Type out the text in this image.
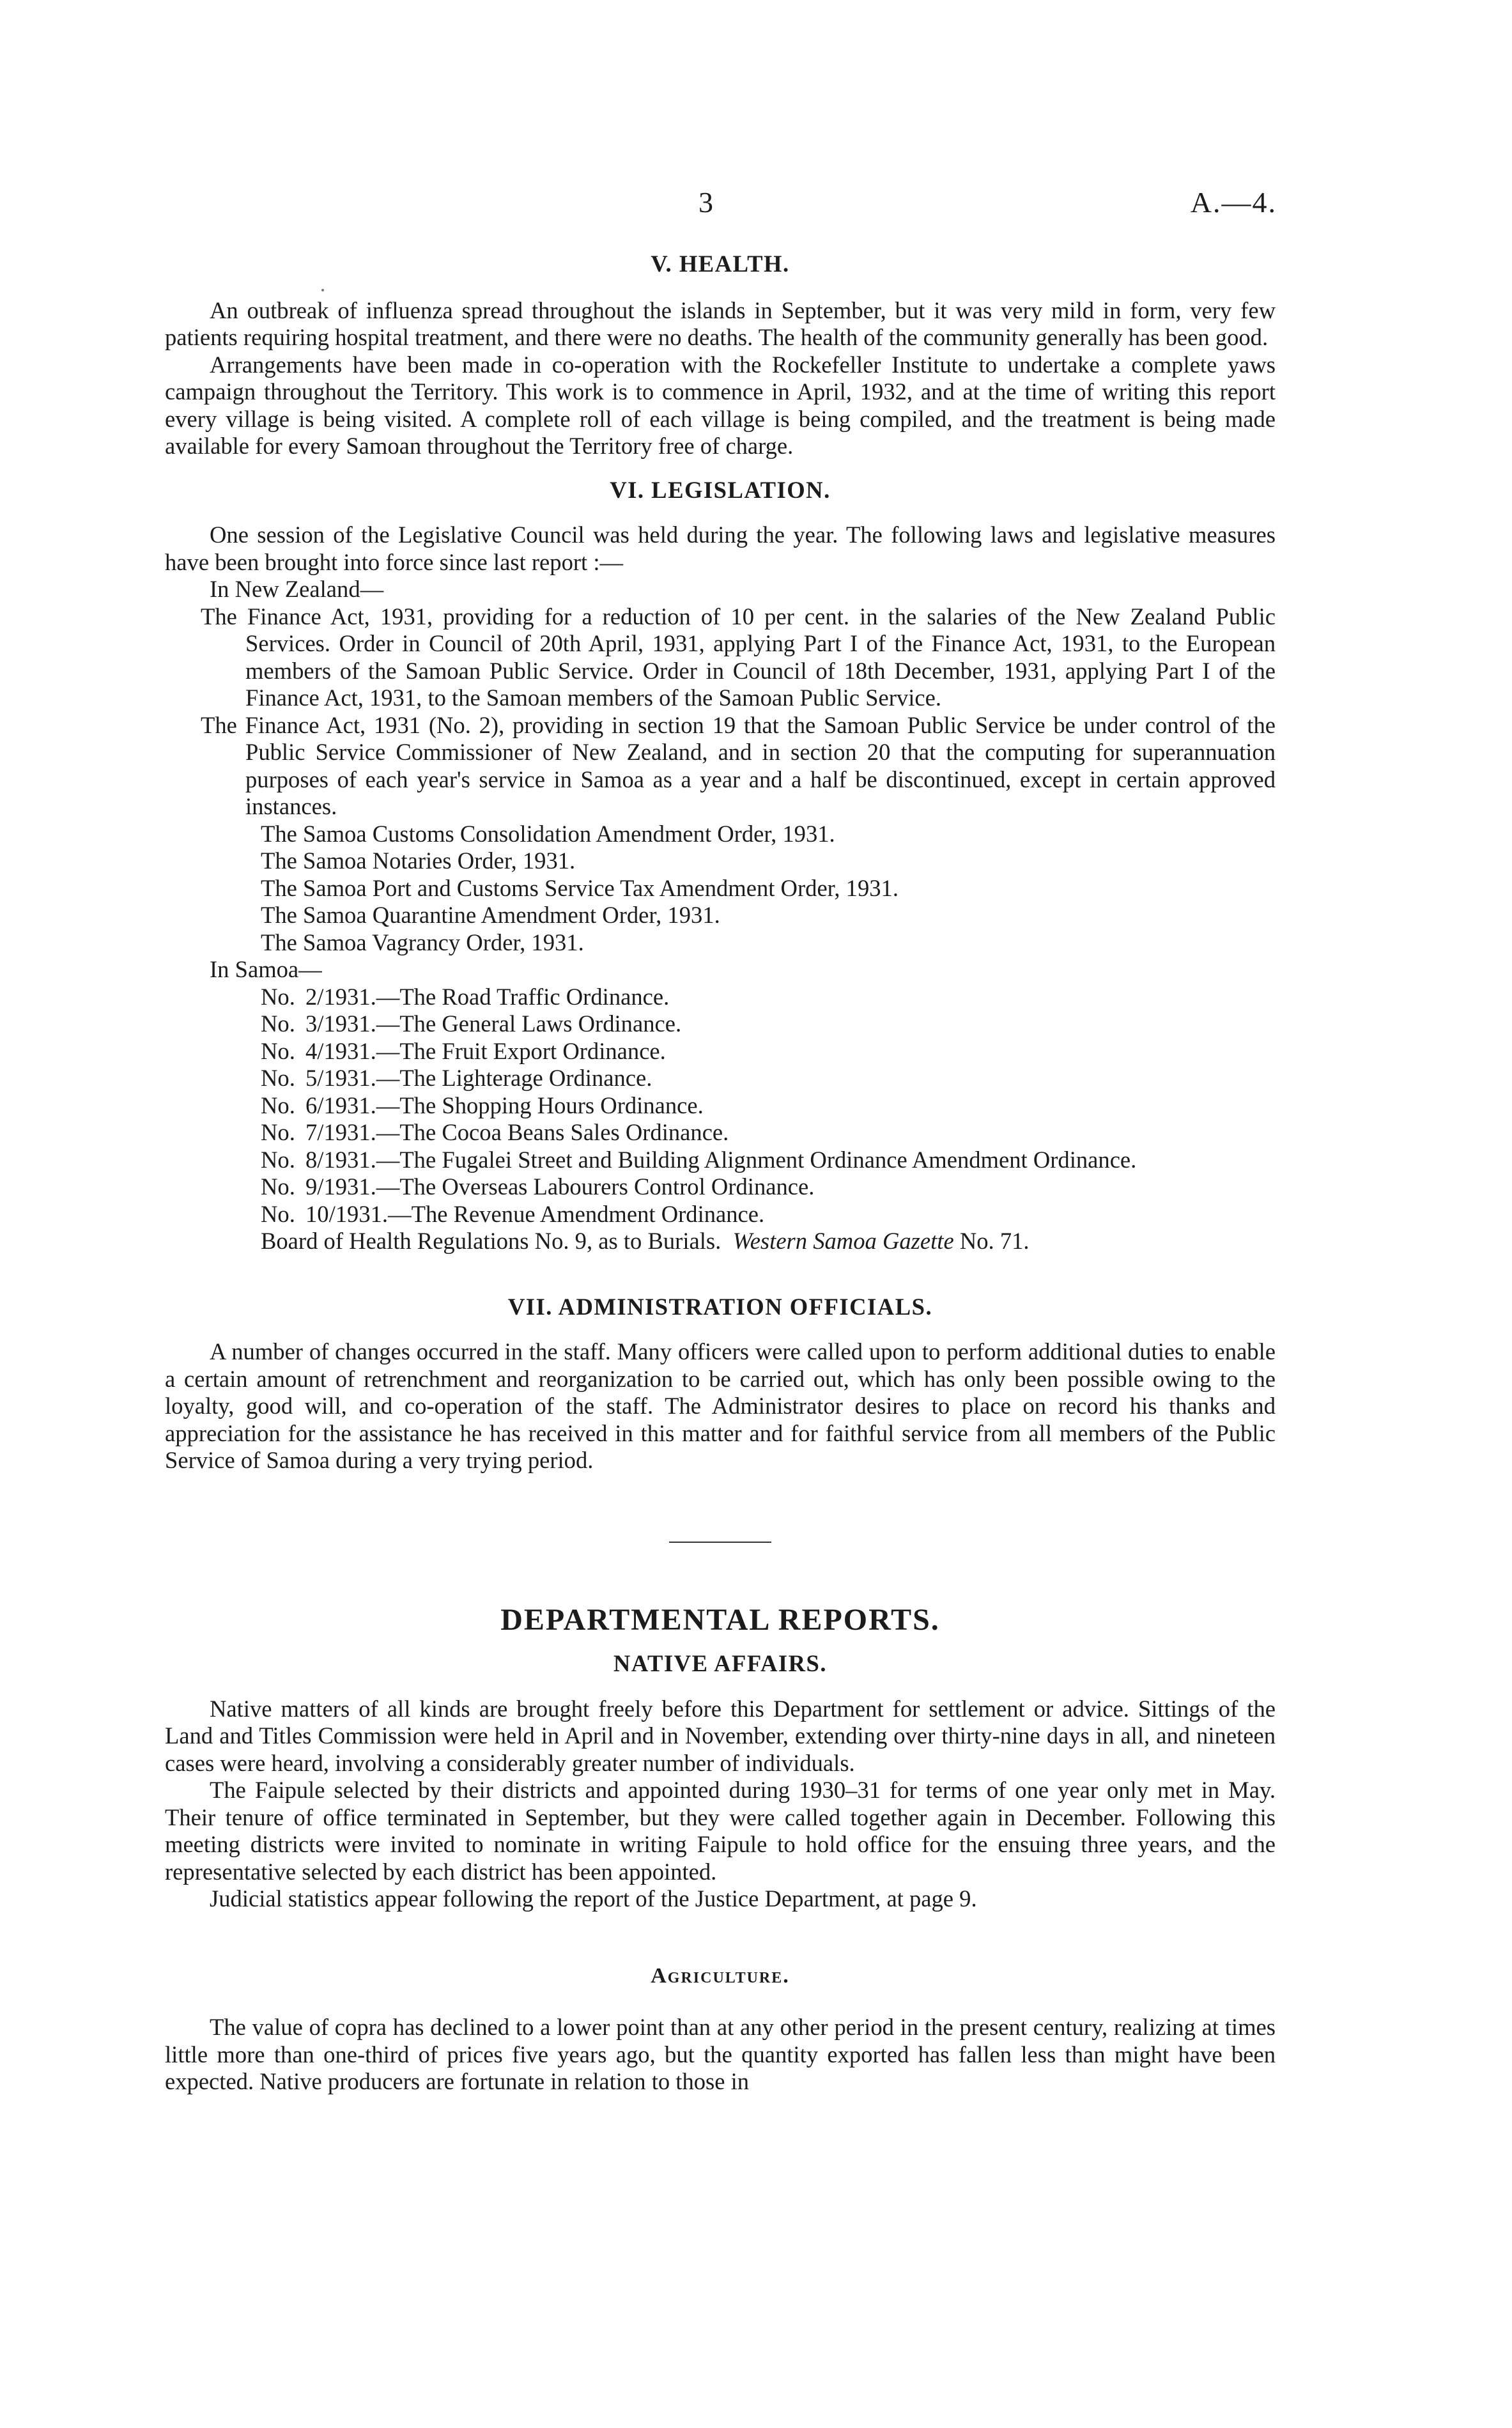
3	A.—4.
V. HEALTH.

An outbreak of influenza spread throughout the islands in September, but it was very mild in form, very few patients requiring hospital treatment, and there were no deaths. The health of the community generally has been good.

Arrangements have been made in co-operation with the Rockefeller Institute to undertake a complete yaws campaign throughout the Territory. This work is to commence in April, 1932, and at the time of writing this report every village is being visited. A complete roll of each village is being compiled, and the treatment is being made available for every Samoan throughout the Territory free of charge.

VI. LEGISLATION.

One session of the Legislative Council was held during the year. The following laws and legislative measures have been brought into force since last report :—

In New Zealand—
The Finance Act, 1931, providing for a reduction of 10 per cent. in the salaries of the New Zealand Public Services. Order in Council of 20th April, 1931, applying Part I of the Finance Act, 1931, to the European members of the Samoan Public Service. Order in Council of 18th December, 1931, applying Part I of the Finance Act, 1931, to the Samoan members of the Samoan Public Service.
The Finance Act, 1931 (No. 2), providing in section 19 that the Samoan Public Service be under control of the Public Service Commissioner of New Zealand, and in section 20 that the computing for superannuation purposes of each year's service in Samoa as a year and a half be discontinued, except in certain approved instances.
The Samoa Customs Consolidation Amendment Order, 1931.
The Samoa Notaries Order, 1931.
The Samoa Port and Customs Service Tax Amendment Order, 1931.
The Samoa Quarantine Amendment Order, 1931.
The Samoa Vagrancy Order, 1931.
In Samoa—
No. 2/1931.—The Road Traffic Ordinance.
No. 3/1931.—The General Laws Ordinance.
No. 4/1931.—The Fruit Export Ordinance.
No. 5/1931.—The Lighterage Ordinance.
No. 6/1931.—The Shopping Hours Ordinance.
No. 7/1931.—The Cocoa Beans Sales Ordinance.
No. 8/1931.—The Fugalei Street and Building Alignment Ordinance Amendment Ordinance.
No. 9/1931.—The Overseas Labourers Control Ordinance.
No. 10/1931.—The Revenue Amendment Ordinance.
Board of Health Regulations No. 9, as to Burials. Western Samoa Gazette No. 71.
VII. ADMINISTRATION OFFICIALS.

A number of changes occurred in the staff. Many officers were called upon to perform additional duties to enable a certain amount of retrenchment and reorganization to be carried out, which has only been possible owing to the loyalty, good will, and co-operation of the staff. The Administrator desires to place on record his thanks and appreciation for the assistance he has received in this matter and for faithful service from all members of the Public Service of Samoa during a very trying period.

DEPARTMENTAL REPORTS.
NATIVE AFFAIRS.

Native matters of all kinds are brought freely before this Department for settlement or advice. Sittings of the Land and Titles Commission were held in April and in November, extending over thirty-nine days in all, and nineteen cases were heard, involving a considerably greater number of individuals.

The Faipule selected by their districts and appointed during 1930–31 for terms of one year only met in May. Their tenure of office terminated in September, but they were called together again in December. Following this meeting districts were invited to nominate in writing Faipule to hold office for the ensuing three years, and the representative selected by each district has been appointed.

Judicial statistics appear following the report of the Justice Department, at page 9.

Agriculture.

The value of copra has declined to a lower point than at any other period in the present century, realizing at times little more than one-third of prices five years ago, but the quantity exported has fallen less than might have been expected. Native producers are fortunate in relation to those in
